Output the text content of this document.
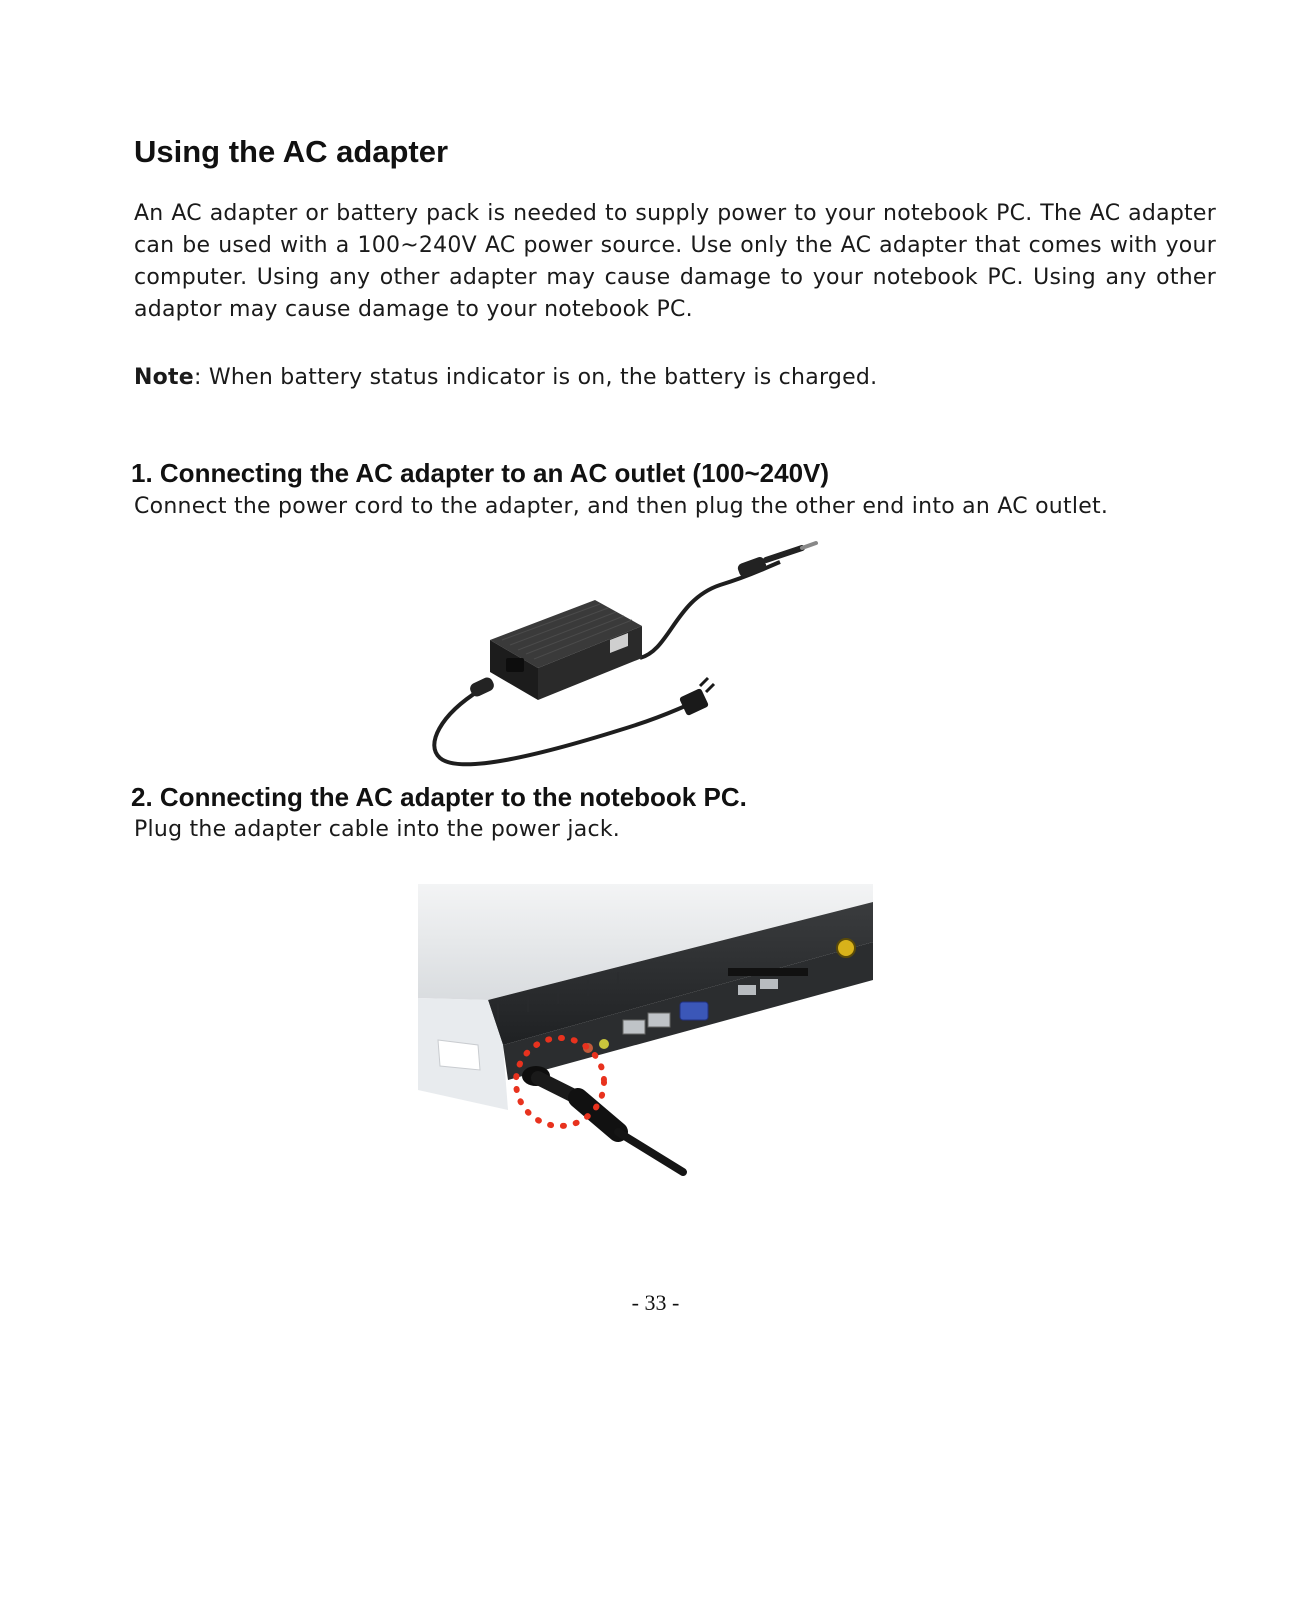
Using the AC adapter

An AC adapter or battery pack is needed to supply power to your notebook PC. The AC adapter can be used with a 100~240V AC power source. Use only the AC adapter that comes with your computer. Using any other adapter may cause damage to your notebook PC. Using any other adaptor may cause damage to your notebook PC.

Note: When battery status indicator is on, the battery is charged.

1. Connecting the AC adapter to an AC outlet (100~240V)

Connect the power cord to the adapter, and then plug the other end into an AC outlet.

2. Connecting the AC adapter to the notebook PC.

Plug the adapter cable into the power jack.

- 33 -
